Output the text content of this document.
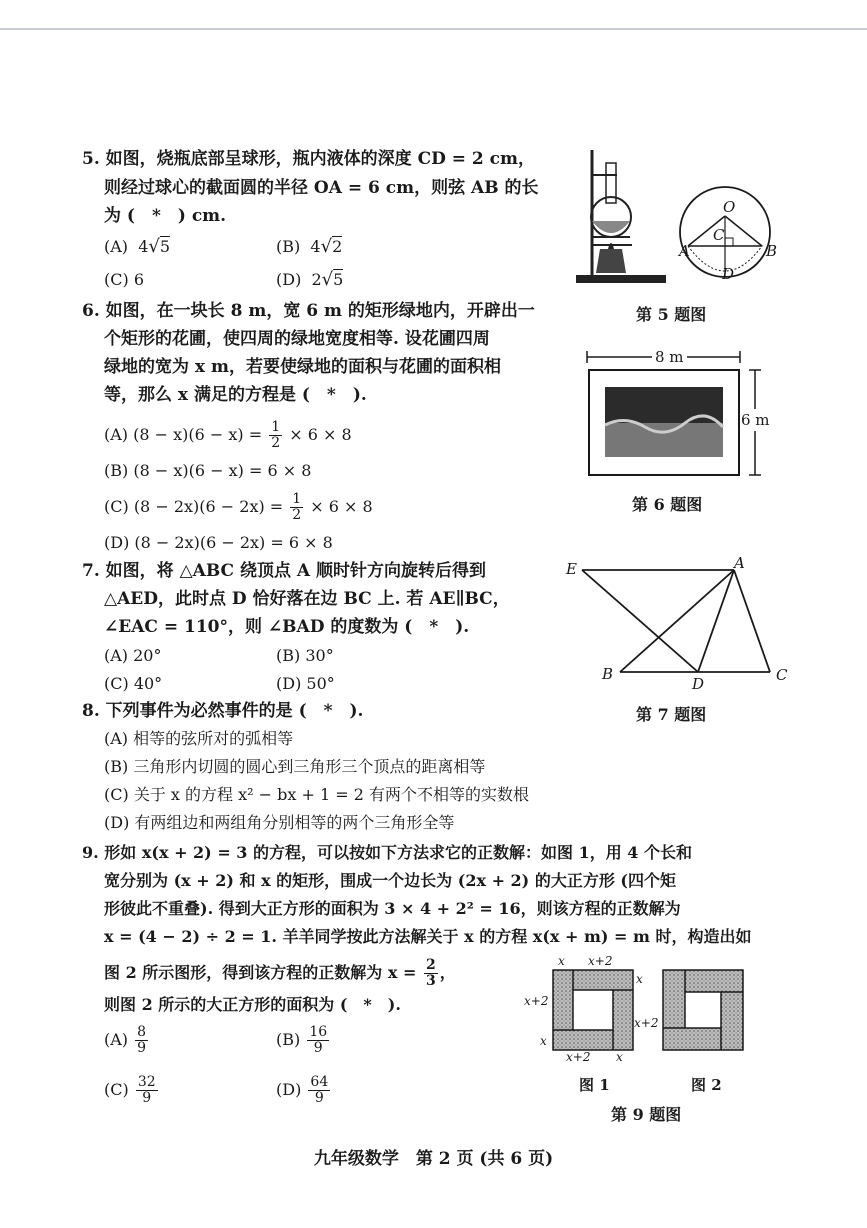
5. 如图，烧瓶底部呈球形，瓶内液体的深度 CD = 2 cm，
则经过球心的截面圆的半径 OA = 6 cm，则弦 AB 的长
为 (　*　) cm.
(A) 4√5	(B) 4√2
(C) 6	(D) 2√5
O
C
A	B
D
第 5 题图
6. 如图，在一块长 8 m，宽 6 m 的矩形绿地内，开辟出一
个矩形的花圃，使四周的绿地宽度相等. 设花圃四周
绿地的宽为 x m，若要使绿地的面积与花圃的面积相
等，那么 x 满足的方程是 (　*　).
(A) $(8 - x)(6 - x) = \frac{1}{2} \times 6 \times 8$
(B) (8 − x)(6 − x) = 6 × 8
(C) $(8 - 2x)(6 - 2x) = \frac{1}{2} \times 6 \times 8$
(D) (8 − 2x)(6 − 2x) = 6 × 8
8 m
6 m
第 6 题图
7. 如图，将 △ABC 绕顶点 A 顺时针方向旋转后得到
△AED，此时点 D 恰好落在边 BC 上. 若 AE∥BC，
∠EAC = 110°，则 ∠BAD 的度数为 (　*　).
(A) 20°	(B) 30°
(C) 40°	(D) 50°
E	A
B
D	C
第 7 题图
8. 下列事件为必然事件的是 (　*　).
(A) 相等的弦所对的弧相等
(B) 三角形内切圆的圆心到三角形三个顶点的距离相等
(C) 关于 x 的方程 x² − bx + 1 = 2 有两个不相等的实数根
(D) 有两组边和两组角分别相等的两个三角形全等
9. 形如 x(x + 2) = 3 的方程，可以按如下方法求它的正数解：如图 1，用 4 个长和
宽分别为 (x + 2) 和 x 的矩形，围成一个边长为 (2x + 2) 的大正方形 (四个矩
形彼此不重叠). 得到大正方形的面积为 3 × 4 + 2² = 16，则该方程的正数解为
x = (4 − 2) ÷ 2 = 1. 羊羊同学按此方法解关于 x 的方程 x(x + m) = m 时，构造出如
图 2 所示图形，得到该方程的正数解为 $x = \frac{2}{3}$ ，
则图 2 所示的大正方形的面积为 (　*　).
$(A) \frac{8}{9}$	$(B) \frac{16}{9}$
$(C) \frac{32}{9}$	$(D) \frac{64}{9}$
x x+2
x
x+2
x+2
x
x+2 x
图 1	图 2
第 9 题图
九年级数学　第 2 页 (共 6 页)
